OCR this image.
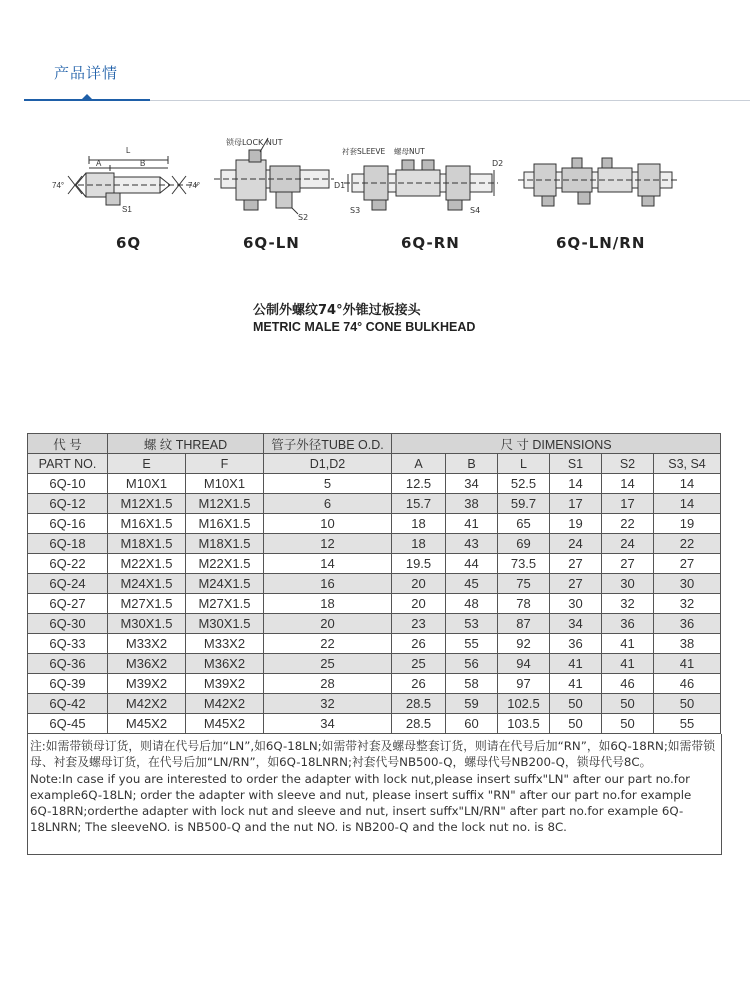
产品详情
A	B
L
74°	74°
S1
6Q
锁母LOCK NUT
S2
6Q-LN
衬套SLEEVE 螺母NUT
D1
D2
S3	S4
6Q-RN	6Q-LN/RN
公制外螺纹74°外锥过板接头
METRIC MALE 74° CONE BULKHEAD
代 号	螺 纹 THREAD		管子外径TUBE O.D.	尺 寸 DIMENSIONS					
PART NO.	E	F	D1,D2	A	B	L	S1	S2	S3, S4
6Q-10	M10X1	M10X1	5	12.5	34	52.5	14	14	14
6Q-12	M12X1.5	M12X1.5	6	15.7	38	59.7	17	17	14
6Q-16	M16X1.5	M16X1.5	10	18	41	65	19	22	19
6Q-18	M18X1.5	M18X1.5	12	18	43	69	24	24	22
6Q-22	M22X1.5	M22X1.5	14	19.5	44	73.5	27	27	27
6Q-24	M24X1.5	M24X1.5	16	20	45	75	27	30	30
6Q-27	M27X1.5	M27X1.5	18	20	48	78	30	32	32
6Q-30	M30X1.5	M30X1.5	20	23	53	87	34	36	36
6Q-33	M33X2	M33X2	22	26	55	92	36	41	38
6Q-36	M36X2	M36X2	25	25	56	94	41	41	41
6Q-39	M39X2	M39X2	28	26	58	97	41	46	46
6Q-42	M42X2	M42X2	32	28.5	59	102.5	50	50	50
6Q-45	M45X2	M45X2	34	28.5	60	103.5	50	50	55

注:如需带锁母订货，则请在代号后加“LN”,如6Q-18LN;如需带衬套及螺母整套订货，则请在代号后加“RN”，如6Q-18RN;如需带锁母、衬套及螺母订货，在代号后加“LN/RN”，如6Q-18LNRN;衬套代号NB500-Q，螺母代号NB200-Q，锁母代号8C。

Note:In case if you are interested to order the adapter with lock nut,please insert suffx"LN" after our part no.for example6Q-18LN; order the adapter with sleeve and nut, please insert suffix "RN" after our part no.for example 6Q-18RN;orderthe adapter with lock nut and sleeve and nut, insert suffx"LN/RN" after part no.for example 6Q-18LNRN; The sleeveNO. is NB500-Q and the nut NO. is NB200-Q and the lock nut no. is 8C.
